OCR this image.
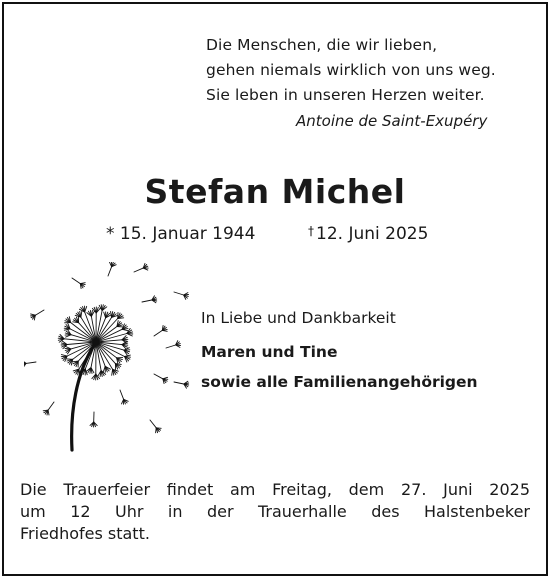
Die Menschen, die wir lieben,
gehen niemals wirklich von uns weg.
Sie leben in unseren Herzen weiter.
Antoine de Saint-Exupéry
Stefan Michel
* 15. Januar 1944	† 12. Juni 2025
In Liebe und Dankbarkeit
Maren und Tine
sowie alle Familienangehörigen
Die Trauerfeier findet am Freitag, dem 27. Juni 2025
um 12 Uhr in der Trauerhalle des Halstenbeker
Friedhofes statt.
